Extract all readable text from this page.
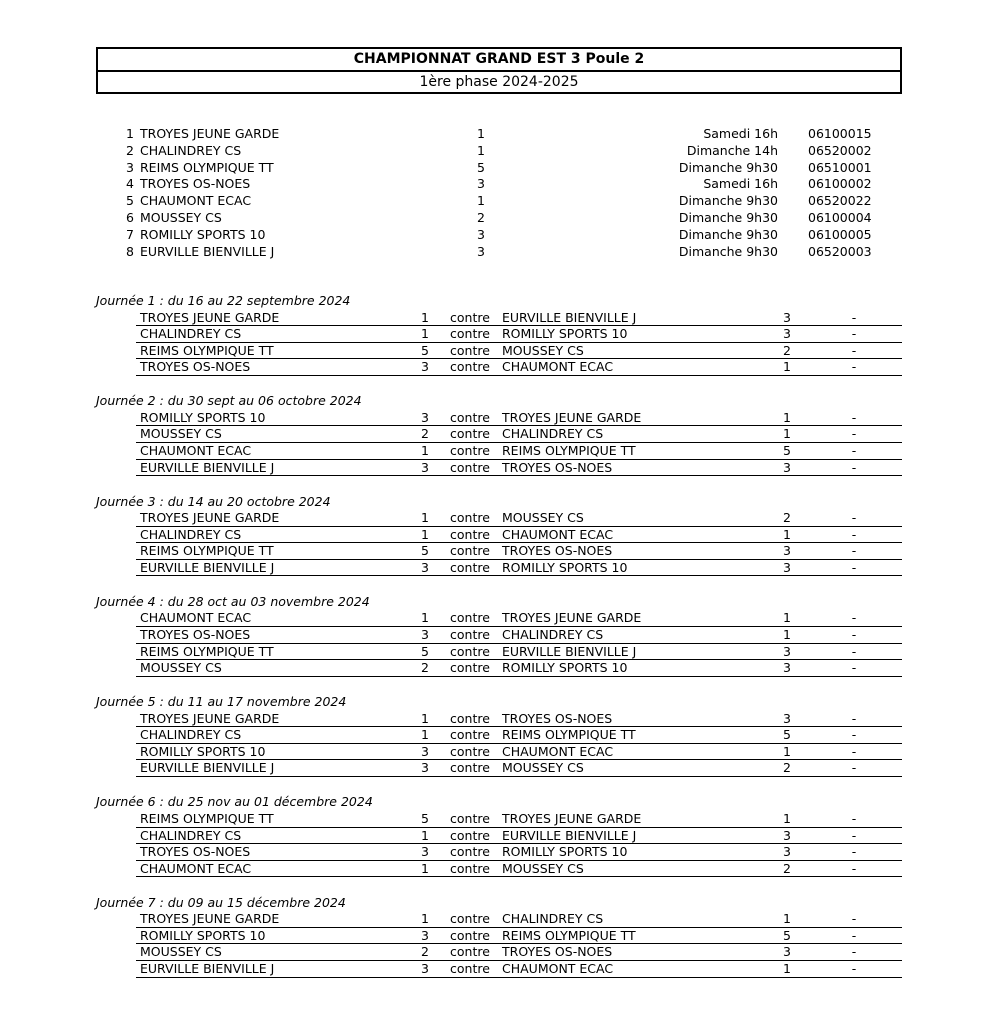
CHAMPIONNAT GRAND EST 3 Poule 2
1ère phase 2024-2025
1 TROYES JEUNE GARDE	1	Samedi 16h 06100015
2 CHALINDREY CS	1	Dimanche 14h 06520002
3 REIMS OLYMPIQUE TT	5	Dimanche 9h30 06510001
4 TROYES OS-NOES	3	Samedi 16h 06100002
5 CHAUMONT ECAC	1	Dimanche 9h30 06520022
6 MOUSSEY CS	2	Dimanche 9h30 06100004
7 ROMILLY SPORTS 10	3	Dimanche 9h30 06100005
8 EURVILLE BIENVILLE J	3	Dimanche 9h30 06520003
Journée 1 : du 16 au 22 septembre 2024
TROYES JEUNE GARDE	1	contre EURVILLE BIENVILLE J	3	-
CHALINDREY CS	1	contre ROMILLY SPORTS 10	3	-
REIMS OLYMPIQUE TT	5	contre MOUSSEY CS	2	-
TROYES OS-NOES	3	contre CHAUMONT ECAC	1	-
Journée 2 : du 30 sept au 06 octobre 2024
ROMILLY SPORTS 10	3	contre TROYES JEUNE GARDE	1	-
MOUSSEY CS	2	contre CHALINDREY CS	1	-
CHAUMONT ECAC	1	contre REIMS OLYMPIQUE TT	5	-
EURVILLE BIENVILLE J	3	contre TROYES OS-NOES	3	-
Journée 3 : du 14 au 20 octobre 2024
TROYES JEUNE GARDE	1	contre MOUSSEY CS	2	-
CHALINDREY CS	1	contre CHAUMONT ECAC	1	-
REIMS OLYMPIQUE TT	5	contre TROYES OS-NOES	3	-
EURVILLE BIENVILLE J	3	contre ROMILLY SPORTS 10	3	-
Journée 4 : du 28 oct au 03 novembre 2024
CHAUMONT ECAC	1	contre TROYES JEUNE GARDE	1	-
TROYES OS-NOES	3	contre CHALINDREY CS	1	-
REIMS OLYMPIQUE TT	5	contre EURVILLE BIENVILLE J	3	-
MOUSSEY CS	2	contre ROMILLY SPORTS 10	3	-
Journée 5 : du 11 au 17 novembre 2024
TROYES JEUNE GARDE	1	contre TROYES OS-NOES	3	-
CHALINDREY CS	1	contre REIMS OLYMPIQUE TT	5	-
ROMILLY SPORTS 10	3	contre CHAUMONT ECAC	1	-
EURVILLE BIENVILLE J	3	contre MOUSSEY CS	2	-
Journée 6 : du 25 nov au 01 décembre 2024
REIMS OLYMPIQUE TT	5	contre TROYES JEUNE GARDE	1	-
CHALINDREY CS	1	contre EURVILLE BIENVILLE J	3	-
TROYES OS-NOES	3	contre ROMILLY SPORTS 10	3	-
CHAUMONT ECAC	1	contre MOUSSEY CS	2	-
Journée 7 : du 09 au 15 décembre 2024
TROYES JEUNE GARDE	1	contre CHALINDREY CS	1	-
ROMILLY SPORTS 10	3	contre REIMS OLYMPIQUE TT	5	-
MOUSSEY CS	2	contre TROYES OS-NOES	3	-
EURVILLE BIENVILLE J	3	contre CHAUMONT ECAC	1	-
